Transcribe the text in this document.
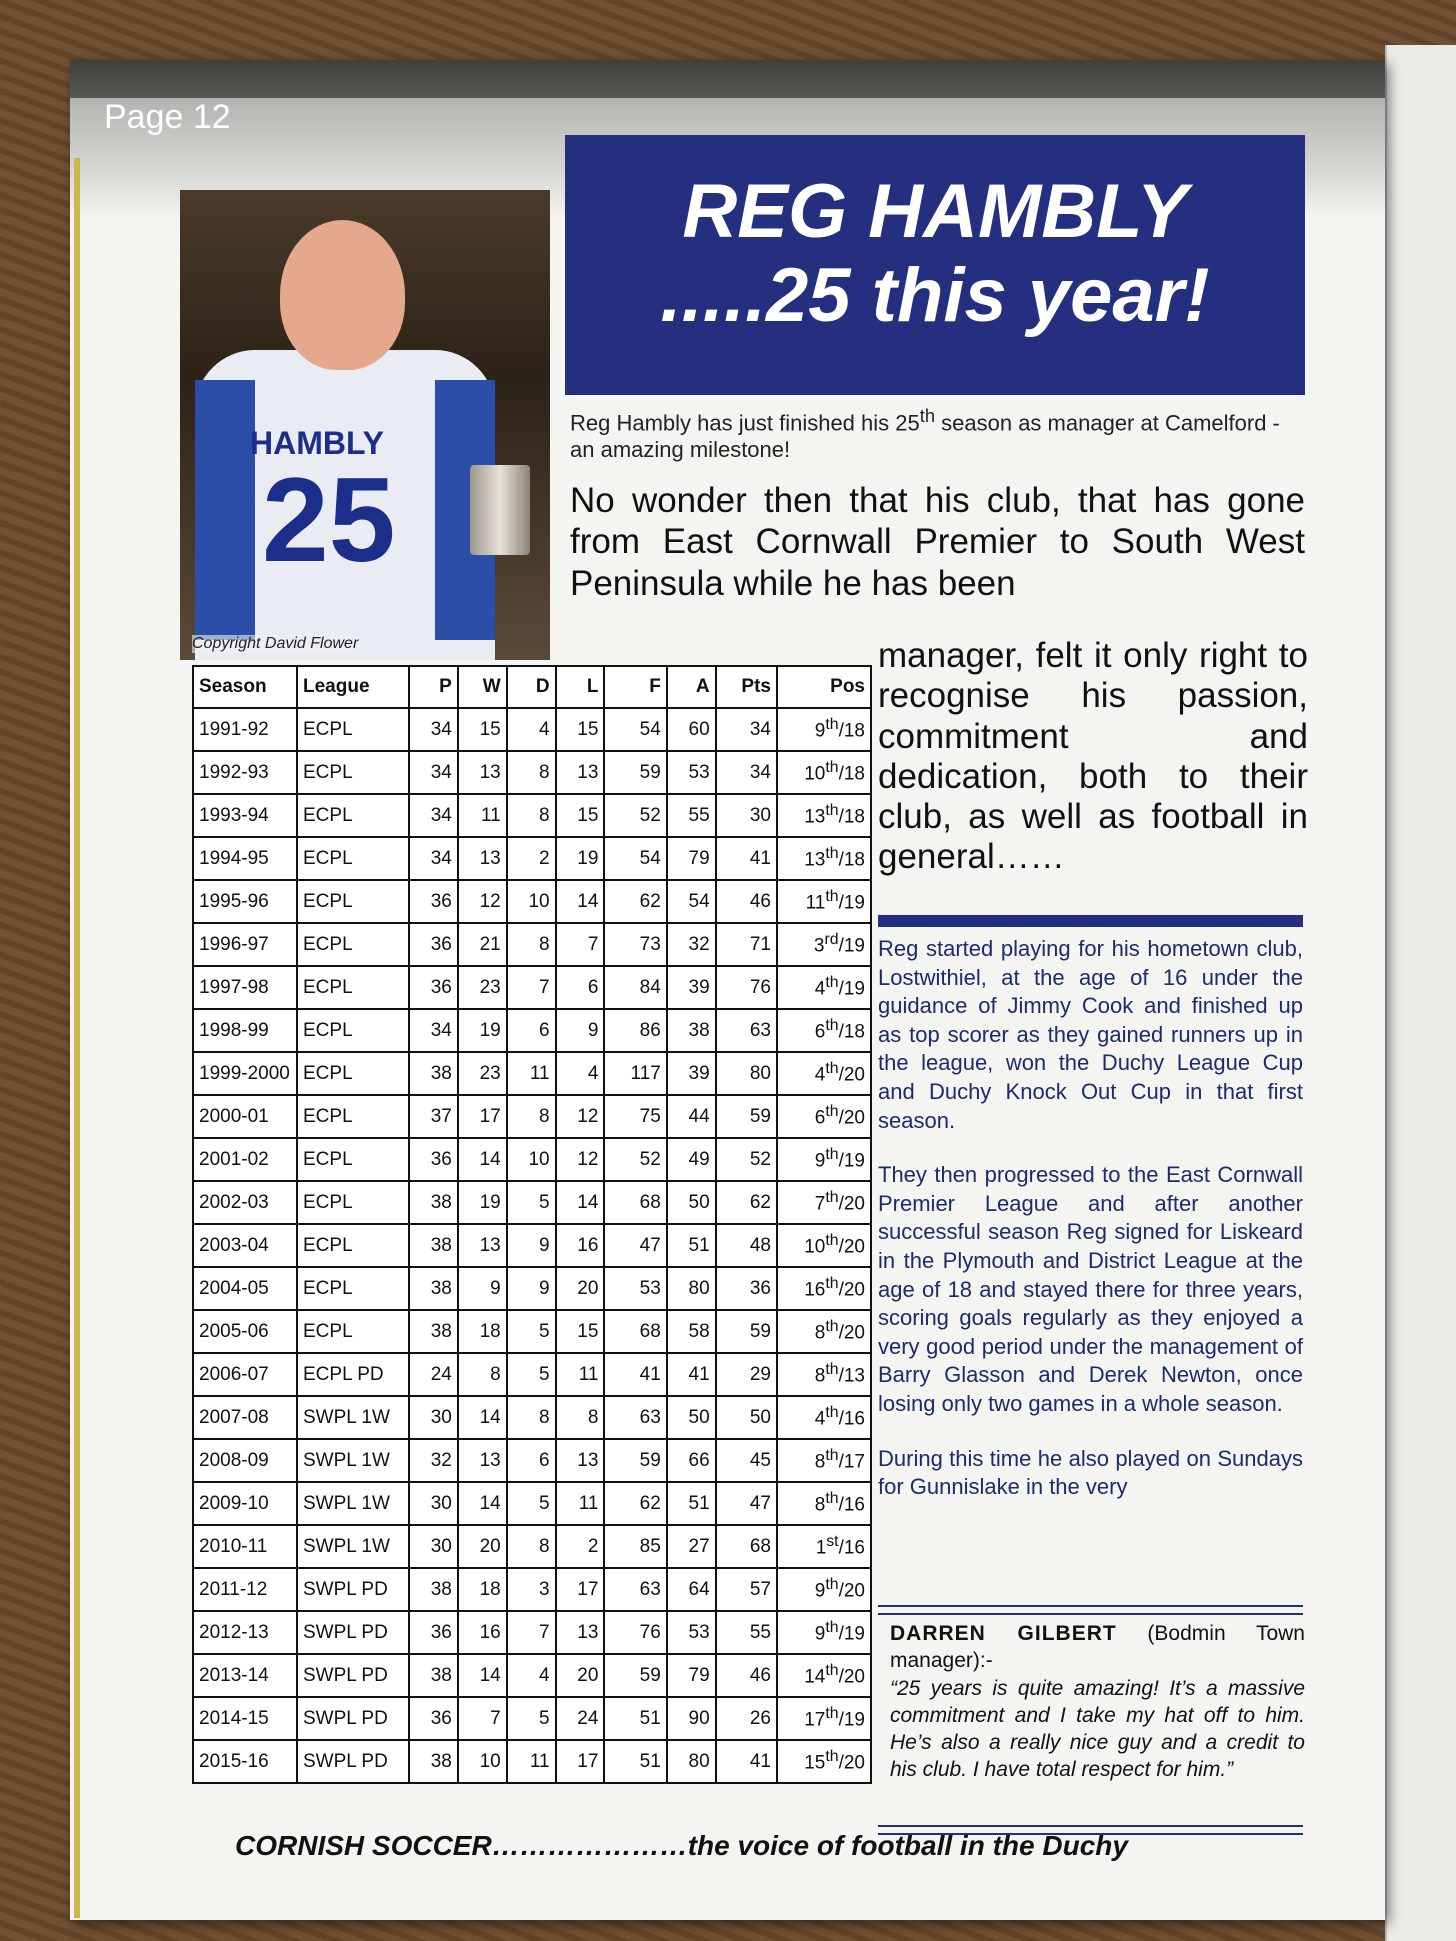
Page 12
HAMBLY
25
Copyright David Flower
REG HAMBLY
.....25 this year!
Reg Hambly has just finished his 25th season as manager at Camelford - an amazing milestone!
No wonder then that his club, that has gone from East Cornwall Premier to South West Peninsula while he has been
manager, felt it only right to recognise his passion, commitment and dedication, both to their club, as well as football in general……

Reg started playing for his hometown club, Lostwithiel, at the age of 16 under the guidance of Jimmy Cook and finished up as top scorer as they gained runners up in the league, won the Duchy League Cup and Duchy Knock Out Cup in that first season.

They then progressed to the East Cornwall Premier League and after another successful season Reg signed for Liskeard in the Plymouth and District League at the age of 18 and stayed there for three years, scoring goals regularly as they enjoyed a very good period under the management of Barry Glasson and Derek Newton, once losing only two games in a whole season.

During this time he also played on Sundays for Gunnislake in the very

DARREN GILBERT (Bodmin Town manager):-
“25 years is quite amazing! It’s a massive commitment and I take my hat off to him. He’s also a really nice guy and a credit to his club. I have total respect for him.”
Season	League	P	W	D	L	F	A	Pts	Pos
1991-92	ECPL	34	15	4	15	54	60	34	9th/18
1992-93	ECPL	34	13	8	13	59	53	34	10th/18
1993-94	ECPL	34	11	8	15	52	55	30	13th/18
1994-95	ECPL	34	13	2	19	54	79	41	13th/18
1995-96	ECPL	36	12	10	14	62	54	46	11th/19
1996-97	ECPL	36	21	8	7	73	32	71	3rd/19
1997-98	ECPL	36	23	7	6	84	39	76	4th/19
1998-99	ECPL	34	19	6	9	86	38	63	6th/18
1999-2000	ECPL	38	23	11	4	117	39	80	4th/20
2000-01	ECPL	37	17	8	12	75	44	59	6th/20
2001-02	ECPL	36	14	10	12	52	49	52	9th/19
2002-03	ECPL	38	19	5	14	68	50	62	7th/20
2003-04	ECPL	38	13	9	16	47	51	48	10th/20
2004-05	ECPL	38	9	9	20	53	80	36	16th/20
2005-06	ECPL	38	18	5	15	68	58	59	8th/20
2006-07	ECPL PD	24	8	5	11	41	41	29	8th/13
2007-08	SWPL 1W	30	14	8	8	63	50	50	4th/16
2008-09	SWPL 1W	32	13	6	13	59	66	45	8th/17
2009-10	SWPL 1W	30	14	5	11	62	51	47	8th/16
2010-11	SWPL 1W	30	20	8	2	85	27	68	1st/16
2011-12	SWPL PD	38	18	3	17	63	64	57	9th/20
2012-13	SWPL PD	36	16	7	13	76	53	55	9th/19
2013-14	SWPL PD	38	14	4	20	59	79	46	14th/20
2014-15	SWPL PD	36	7	5	24	51	90	26	17th/19
2015-16	SWPL PD	38	10	11	17	51	80	41	15th/20
CORNISH SOCCER…………………the voice of football in the Duchy
